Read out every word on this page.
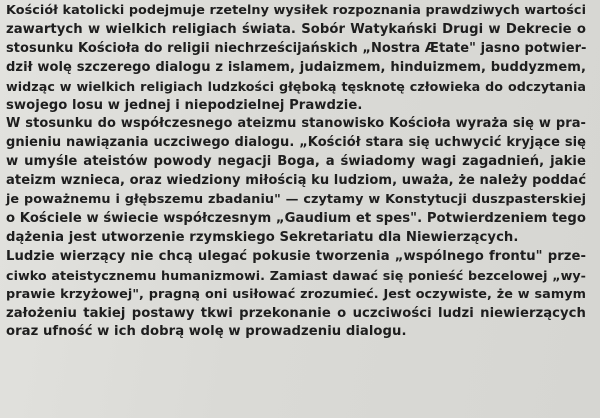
Kościół katolicki podejmuje rzetelny wysiłek rozpoznania prawdziwych wartości
zawartych w wielkich religiach świata. Sobór Watykański Drugi w Dekrecie o
stosunku Kościoła do religii niechrześcijańskich „Nostra Ætate" jasno potwier-
dził wolę szczerego dialogu z islamem, judaizmem, hinduizmem, buddyzmem,
widząc w wielkich religiach ludzkości głęboką tęsknotę człowieka do odczytania
swojego losu w jednej i niepodzielnej Prawdzie.
W stosunku do współczesnego ateizmu stanowisko Kościoła wyraża się w pra-
gnieniu nawiązania uczciwego dialogu. „Kościół stara się uchwycić kryjące się
w umyśle ateistów powody negacji Boga, a świadomy wagi zagadnień, jakie
ateizm wznieca, oraz wiedziony miłością ku ludziom, uważa, że należy poddać
je poważnemu i głębszemu zbadaniu" — czytamy w Konstytucji duszpasterskiej
o Kościele w świecie współczesnym „Gaudium et spes". Potwierdzeniem tego
dążenia jest utworzenie rzymskiego Sekretariatu dla Niewierzących.
Ludzie wierzący nie chcą ulegać pokusie tworzenia „wspólnego frontu" prze-
ciwko ateistycznemu humanizmowi. Zamiast dawać się ponieść bezcelowej „wy-
prawie krzyżowej", pragną oni usiłować zrozumieć. Jest oczywiste, że w samym
założeniu takiej postawy tkwi przekonanie o uczciwości ludzi niewierzących
oraz ufność w ich dobrą wolę w prowadzeniu dialogu.
